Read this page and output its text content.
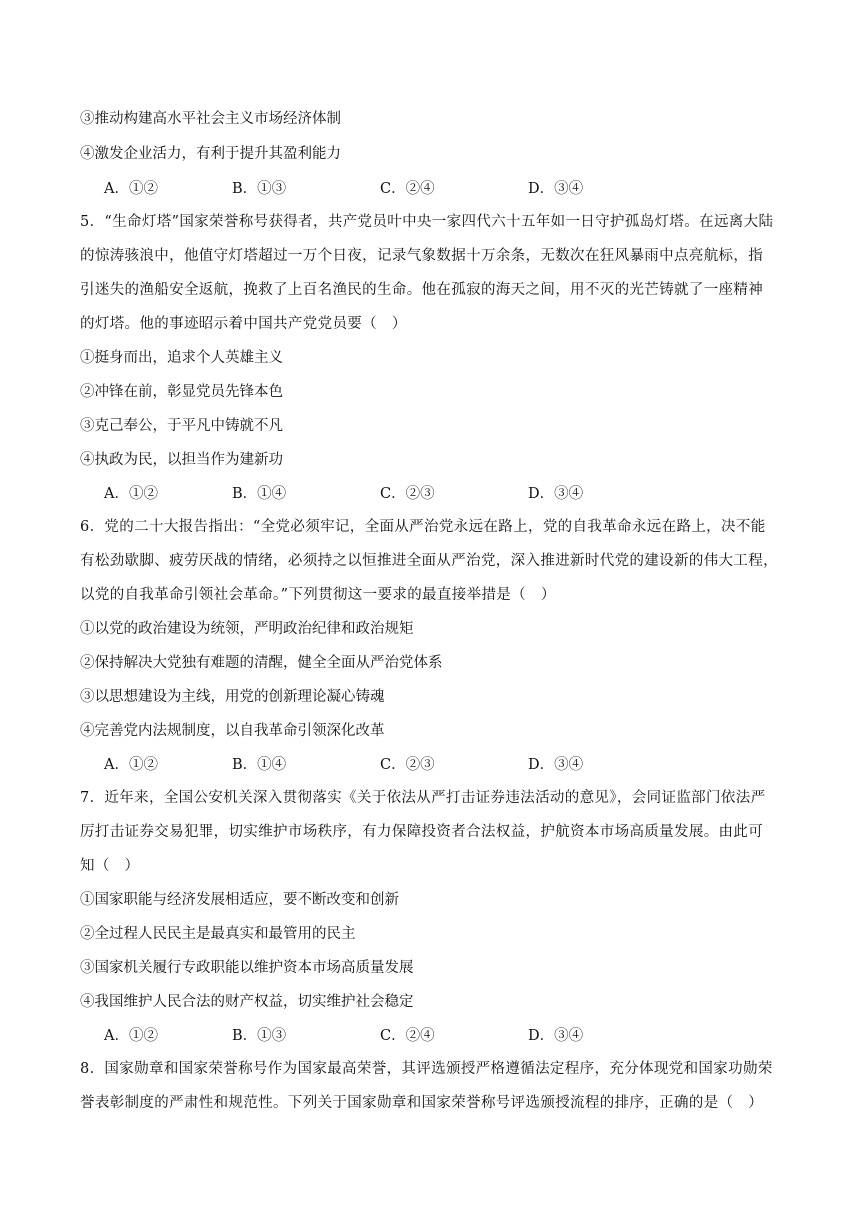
③推动构建高水平社会主义市场经济体制
④激发企业活力，有利于提升其盈利能力
A．①②	B．①③	C．②④	D．③④
5．“生命灯塔”国家荣誉称号获得者，共产党员叶中央一家四代六十五年如一日守护孤岛灯塔。在远离大陆
的惊涛骇浪中，他值守灯塔超过一万个日夜，记录气象数据十万余条，无数次在狂风暴雨中点亮航标，指
引迷失的渔船安全返航，挽救了上百名渔民的生命。他在孤寂的海天之间，用不灭的光芒铸就了一座精神
的灯塔。他的事迹昭示着中国共产党党员要（　）
①挺身而出，追求个人英雄主义
②冲锋在前，彰显党员先锋本色
③克己奉公，于平凡中铸就不凡
④执政为民，以担当作为建新功
A．①②	B．①④	C．②③	D．③④
6．党的二十大报告指出：“全党必须牢记，全面从严治党永远在路上，党的自我革命永远在路上，决不能
有松劲歇脚、疲劳厌战的情绪，必须持之以恒推进全面从严治党，深入推进新时代党的建设新的伟大工程，
以党的自我革命引领社会革命。”下列贯彻这一要求的最直接举措是（　）
①以党的政治建设为统领，严明政治纪律和政治规矩
②保持解决大党独有难题的清醒，健全全面从严治党体系
③以思想建设为主线，用党的创新理论凝心铸魂
④完善党内法规制度，以自我革命引领深化改革
A．①②	B．①④	C．②③	D．③④
7．近年来，全国公安机关深入贯彻落实《关于依法从严打击证券违法活动的意见》，会同证监部门依法严
厉打击证券交易犯罪，切实维护市场秩序，有力保障投资者合法权益，护航资本市场高质量发展。由此可
知（　）
①国家职能与经济发展相适应，要不断改变和创新
②全过程人民民主是最真实和最管用的民主
③国家机关履行专政职能以维护资本市场高质量发展
④我国维护人民合法的财产权益，切实维护社会稳定
A．①②	B．①③	C．②④	D．③④
8．国家勋章和国家荣誉称号作为国家最高荣誉，其评选颁授严格遵循法定程序，充分体现党和国家功勋荣
誉表彰制度的严肃性和规范性。下列关于国家勋章和国家荣誉称号评选颁授流程的排序，正确的是（　）
